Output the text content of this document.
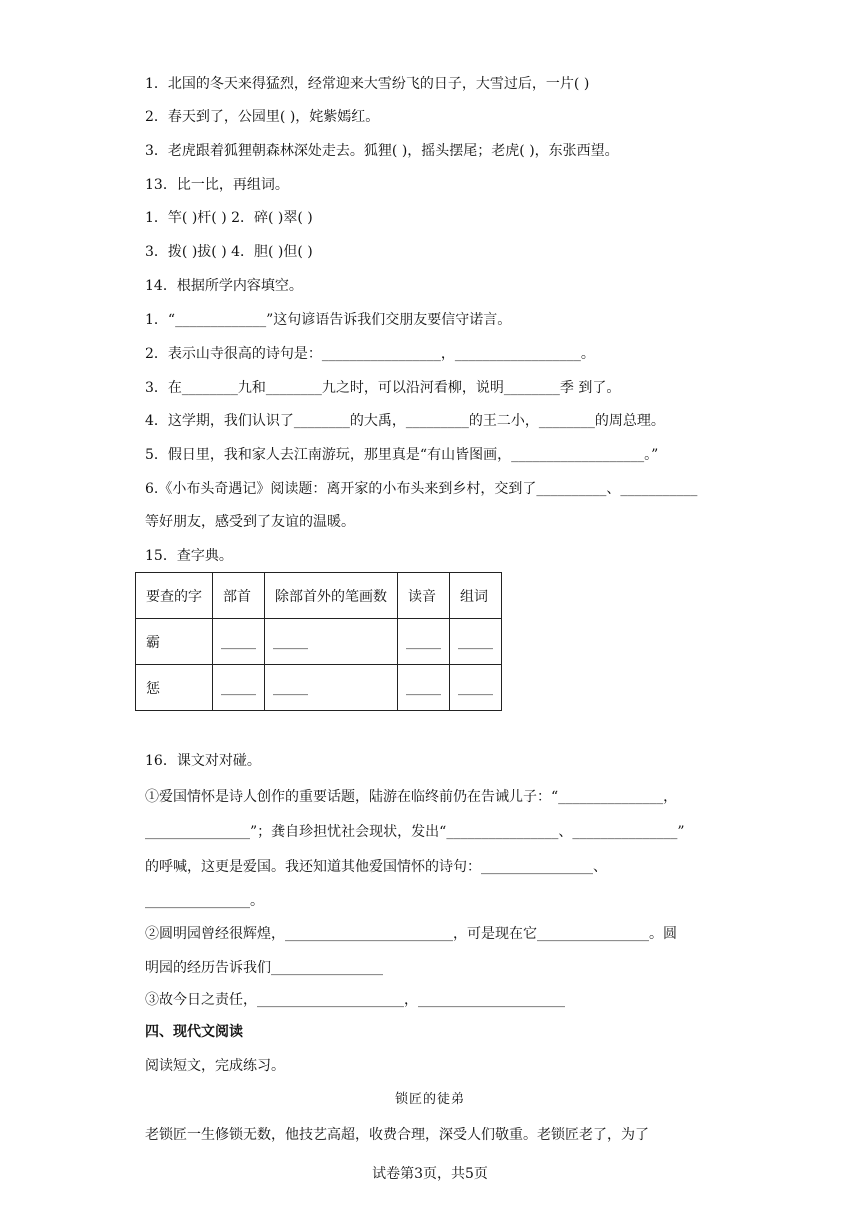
1．北国的冬天来得猛烈，经常迎来大雪纷飞的日子，大雪过后，一片( )
2．春天到了，公园里( )，姹紫嫣红。
3．老虎跟着狐狸朝森林深处走去。狐狸( )，摇头摆尾；老虎( )，东张西望。
13．比一比，再组词。
1．竿( )杆( ) 2．碎( )翠( )
3．拨( )拔( ) 4．胆( )但( )
14．根据所学内容填空。
1．“_____________”这句谚语告诉我们交朋友要信守诺言。
2．表示山寺很高的诗句是：_________________，__________________。
3．在________九和________九之时，可以沿河看柳，说明________季 到了。
4．这学期，我们认识了________的大禹，_________的王二小，________的周总理。
5．假日里，我和家人去江南游玩，那里真是“有山皆图画，___________________。”
6.《小布头奇遇记》阅读题：离开家的小布头来到乡村，交到了__________、___________
等好朋友，感受到了友谊的温暖。
15．查字典。
要查的字	部首	除部首外的笔画数	读音	组词
霸	_____	_____	_____	_____
惩	_____	_____	_____	_____
16．课文对对碰。
①爱国情怀是诗人创作的重要话题，陆游在临终前仍在告诫儿子：“_______________，
_______________”；龚自珍担忧社会现状，发出“________________、_______________”
的呼喊，这更是爱国。我还知道其他爱国情怀的诗句：________________、
_______________。
②圆明园曾经很辉煌，________________________，可是现在它________________。圆
明园的经历告诉我们________________
③故今日之责任，_____________________，_____________________
四、现代文阅读
阅读短文，完成练习。
锁匠的徒弟
老锁匠一生修锁无数，他技艺高超，收费合理，深受人们敬重。老锁匠老了，为了
试卷第3页，共5页
